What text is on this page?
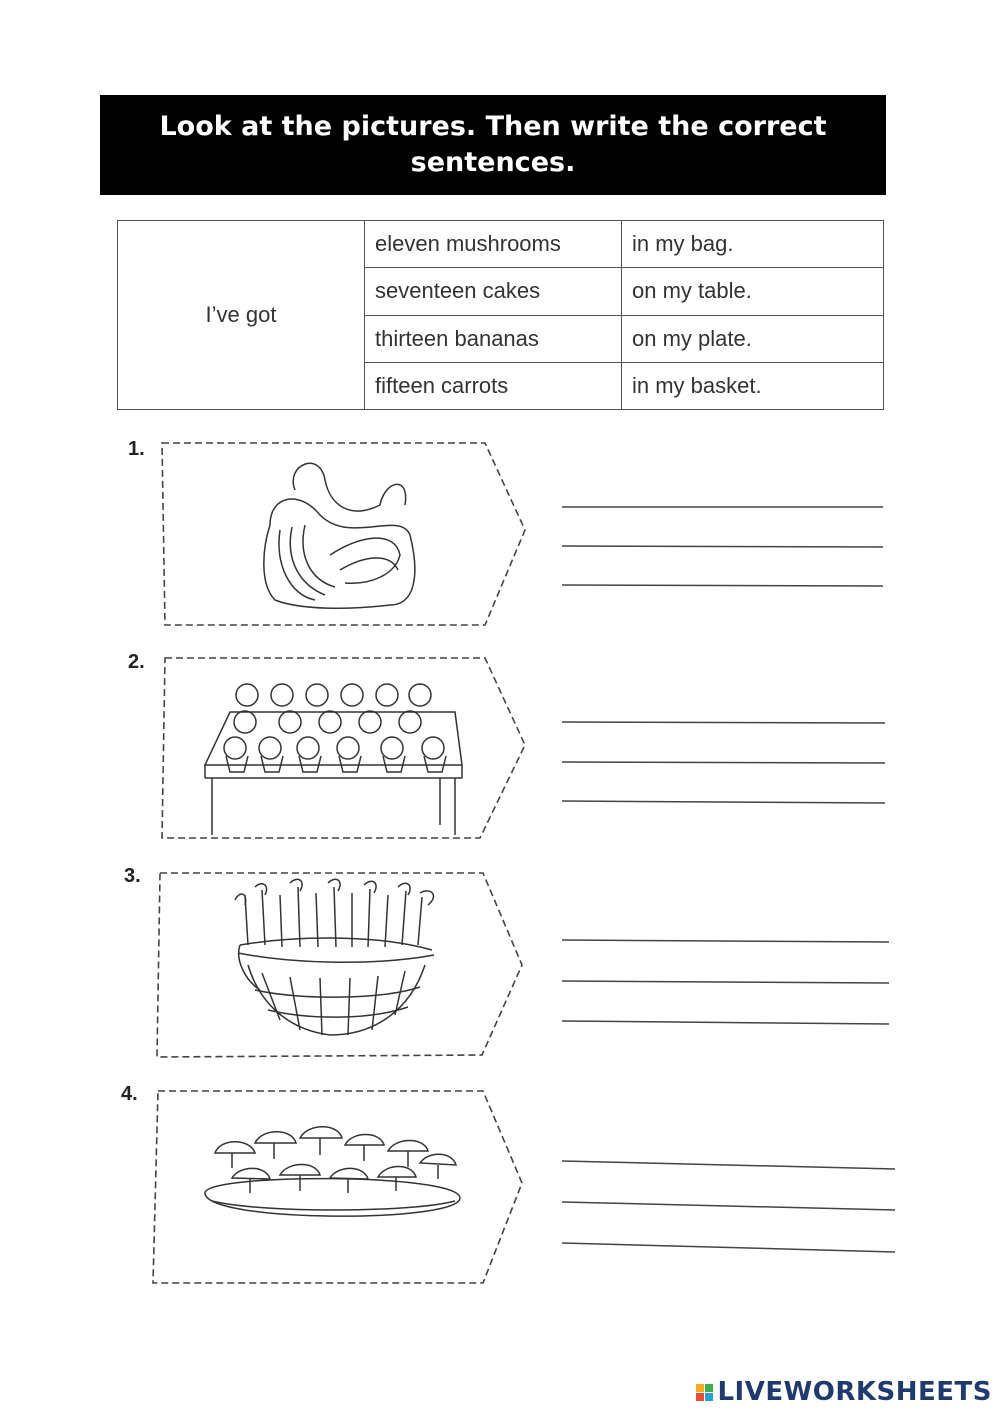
Look at the pictures. Then write the correct sentences.
I’ve got	eleven mushrooms	in my bag.
	seventeen cakes	on my table.
	thirteen bananas	on my plate.
	fifteen carrots	in my basket.
1.
2.
3.
4.
LIVEWORKSHEETS
